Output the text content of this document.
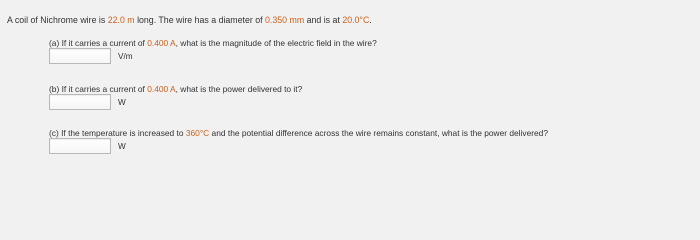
A coil of Nichrome wire is 22.0 m long. The wire has a diameter of 0.350 mm and is at 20.0°C.
(a) If it carries a current of 0.400 A, what is the magnitude of the electric field in the wire?
V/m
(b) If it carries a current of 0.400 A, what is the power delivered to it?
W
(c) If the temperature is increased to 360°C and the potential difference across the wire remains constant, what is the power delivered?
W
